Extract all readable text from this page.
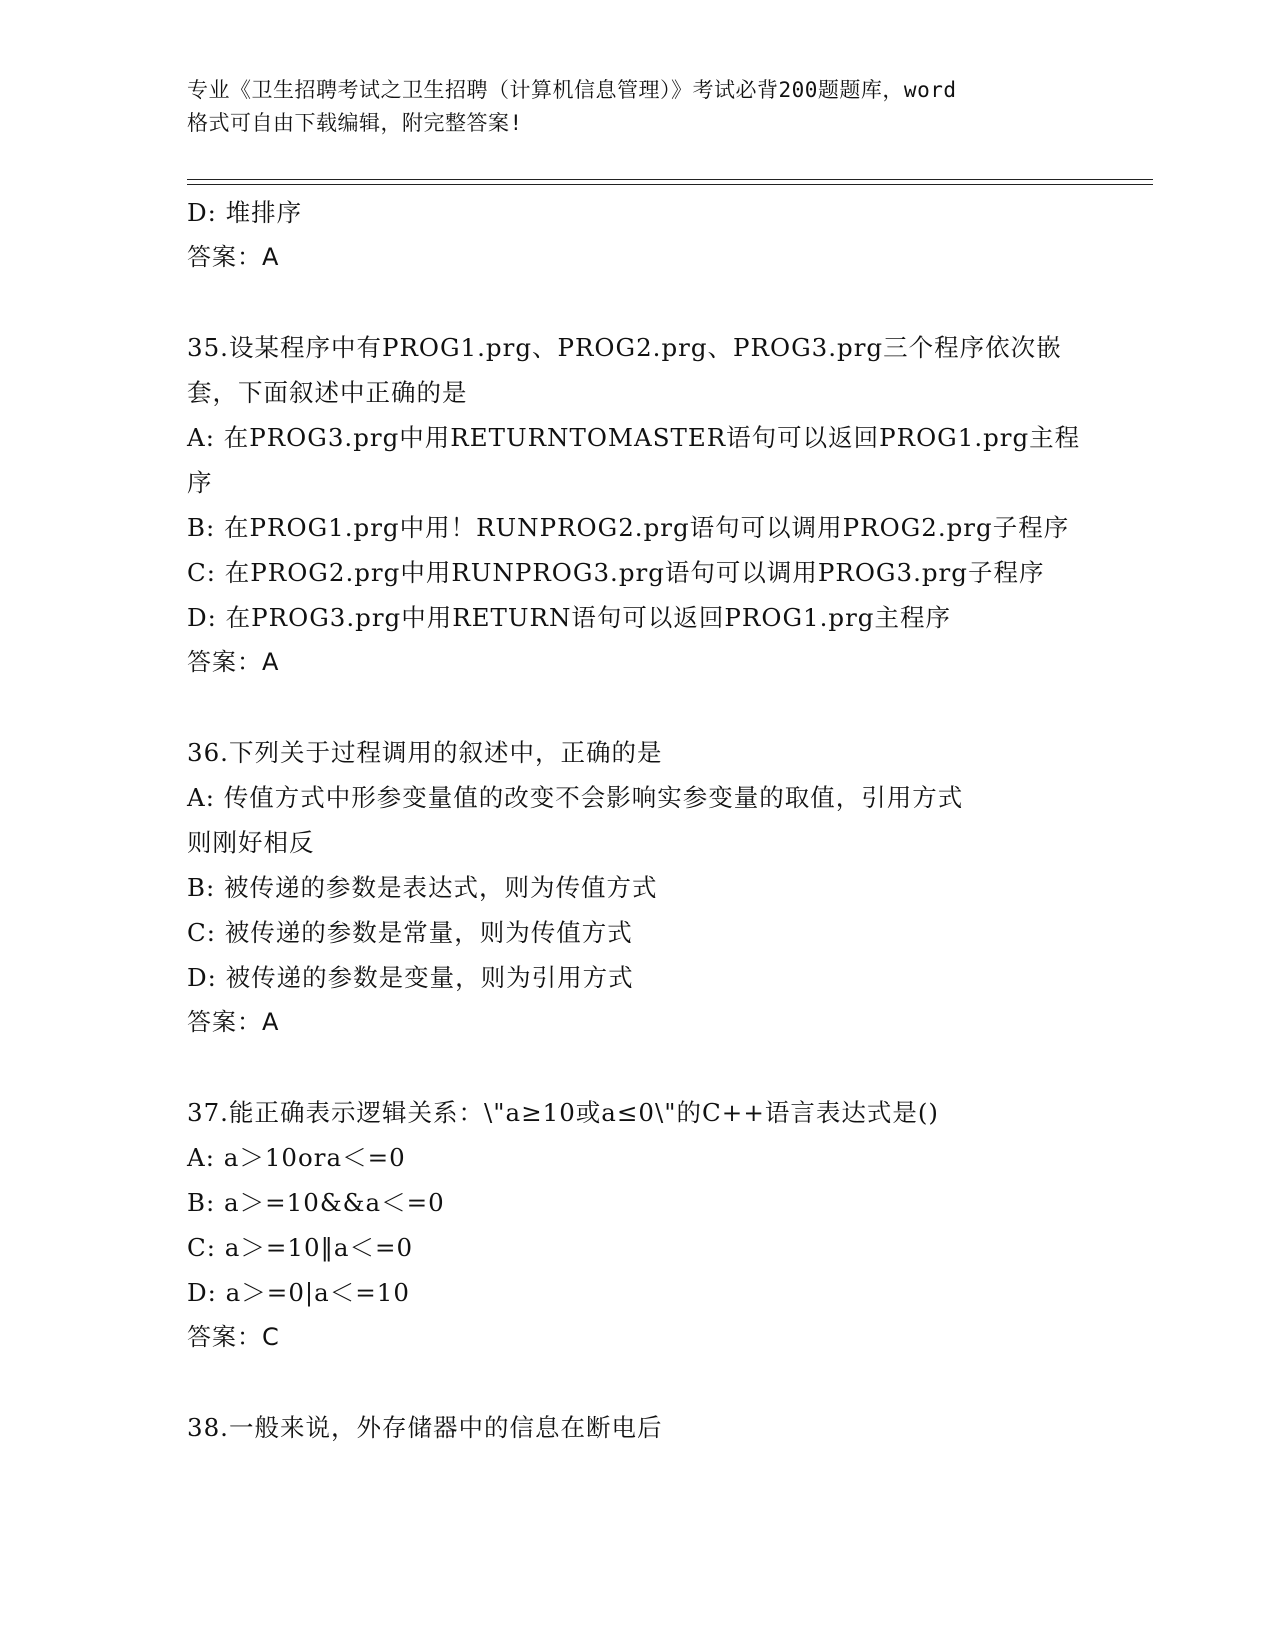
专业《卫生招聘考试之卫生招聘（计算机信息管理）》考试必背200题题库，word
格式可自由下载编辑，附完整答案!
D: 堆排序
答案：A
35.设某程序中有PROG1.prg、PROG2.prg、PROG3.prg三个程序依次嵌
套，下面叙述中正确的是
A: 在PROG3.prg中用RETURNTOMASTER语句可以返回PROG1.prg主程
序
B: 在PROG1.prg中用！RUNPROG2.prg语句可以调用PROG2.prg子程序
C: 在PROG2.prg中用RUNPROG3.prg语句可以调用PROG3.prg子程序
D: 在PROG3.prg中用RETURN语句可以返回PROG1.prg主程序
答案：A
36.下列关于过程调用的叙述中，正确的是
A: 传值方式中形参变量值的改变不会影响实参变量的取值，引用方式
则刚好相反
B: 被传递的参数是表达式，则为传值方式
C: 被传递的参数是常量，则为传值方式
D: 被传递的参数是变量，则为引用方式
答案：A
37.能正确表示逻辑关系：\"a≥10或a≤0\"的C++语言表达式是()
A: a＞10ora＜=0
B: a＞=10&&a＜=0
C: a＞=10‖a＜=0
D: a＞=0|a＜=10
答案：C
38.一般来说，外存储器中的信息在断电后
